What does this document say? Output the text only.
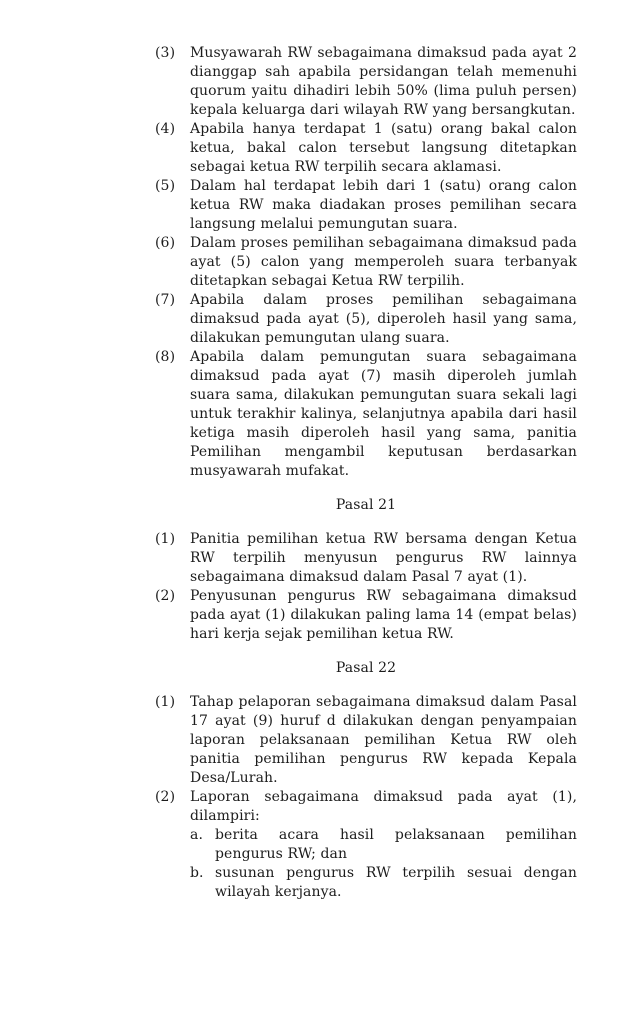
(3)	Musyawarah RW sebagaimana dimaksud pada ayat 2 dianggap sah apabila persidangan telah memenuhi quorum yaitu dihadiri lebih 50% (lima puluh persen) kepala keluarga dari wilayah RW yang bersangkutan.
(4)	Apabila hanya terdapat 1 (satu) orang bakal calon ketua, bakal calon tersebut langsung ditetapkan sebagai ketua RW terpilih secara aklamasi.
(5)	Dalam hal terdapat lebih dari 1 (satu) orang calon ketua RW maka diadakan proses pemilihan secara langsung melalui pemungutan suara.
(6)	Dalam proses pemilihan sebagaimana dimaksud pada ayat (5) calon yang memperoleh suara terbanyak ditetapkan sebagai Ketua RW terpilih.
(7)	Apabila dalam proses pemilihan sebagaimana dimaksud pada ayat (5), diperoleh hasil yang sama, dilakukan pemungutan ulang suara.
(8)	Apabila dalam pemungutan suara sebagaimana dimaksud pada ayat (7) masih diperoleh jumlah suara sama, dilakukan pemungutan suara sekali lagi untuk terakhir kalinya, selanjutnya apabila dari hasil ketiga masih diperoleh hasil yang sama, panitia Pemilihan mengambil keputusan berdasarkan musyawarah mufakat.
Pasal 21
(1)	Panitia pemilihan ketua RW bersama dengan Ketua RW terpilih menyusun pengurus RW lainnya sebagaimana dimaksud dalam Pasal 7 ayat (1).
(2)	Penyusunan pengurus RW sebagaimana dimaksud pada ayat (1) dilakukan paling lama 14 (empat belas) hari kerja sejak pemilihan ketua RW.
Pasal 22
(1)	Tahap pelaporan sebagaimana dimaksud dalam Pasal 17 ayat (9) huruf d dilakukan dengan penyampaian laporan pelaksanaan pemilihan Ketua RW oleh panitia pemilihan pengurus RW kepada Kepala Desa/Lurah.
(2)	Laporan sebagaimana dimaksud pada ayat (1), dilampiri:
a. berita acara hasil pelaksanaan pemilihan pengurus RW; dan
b. susunan pengurus RW terpilih sesuai dengan wilayah kerjanya.
